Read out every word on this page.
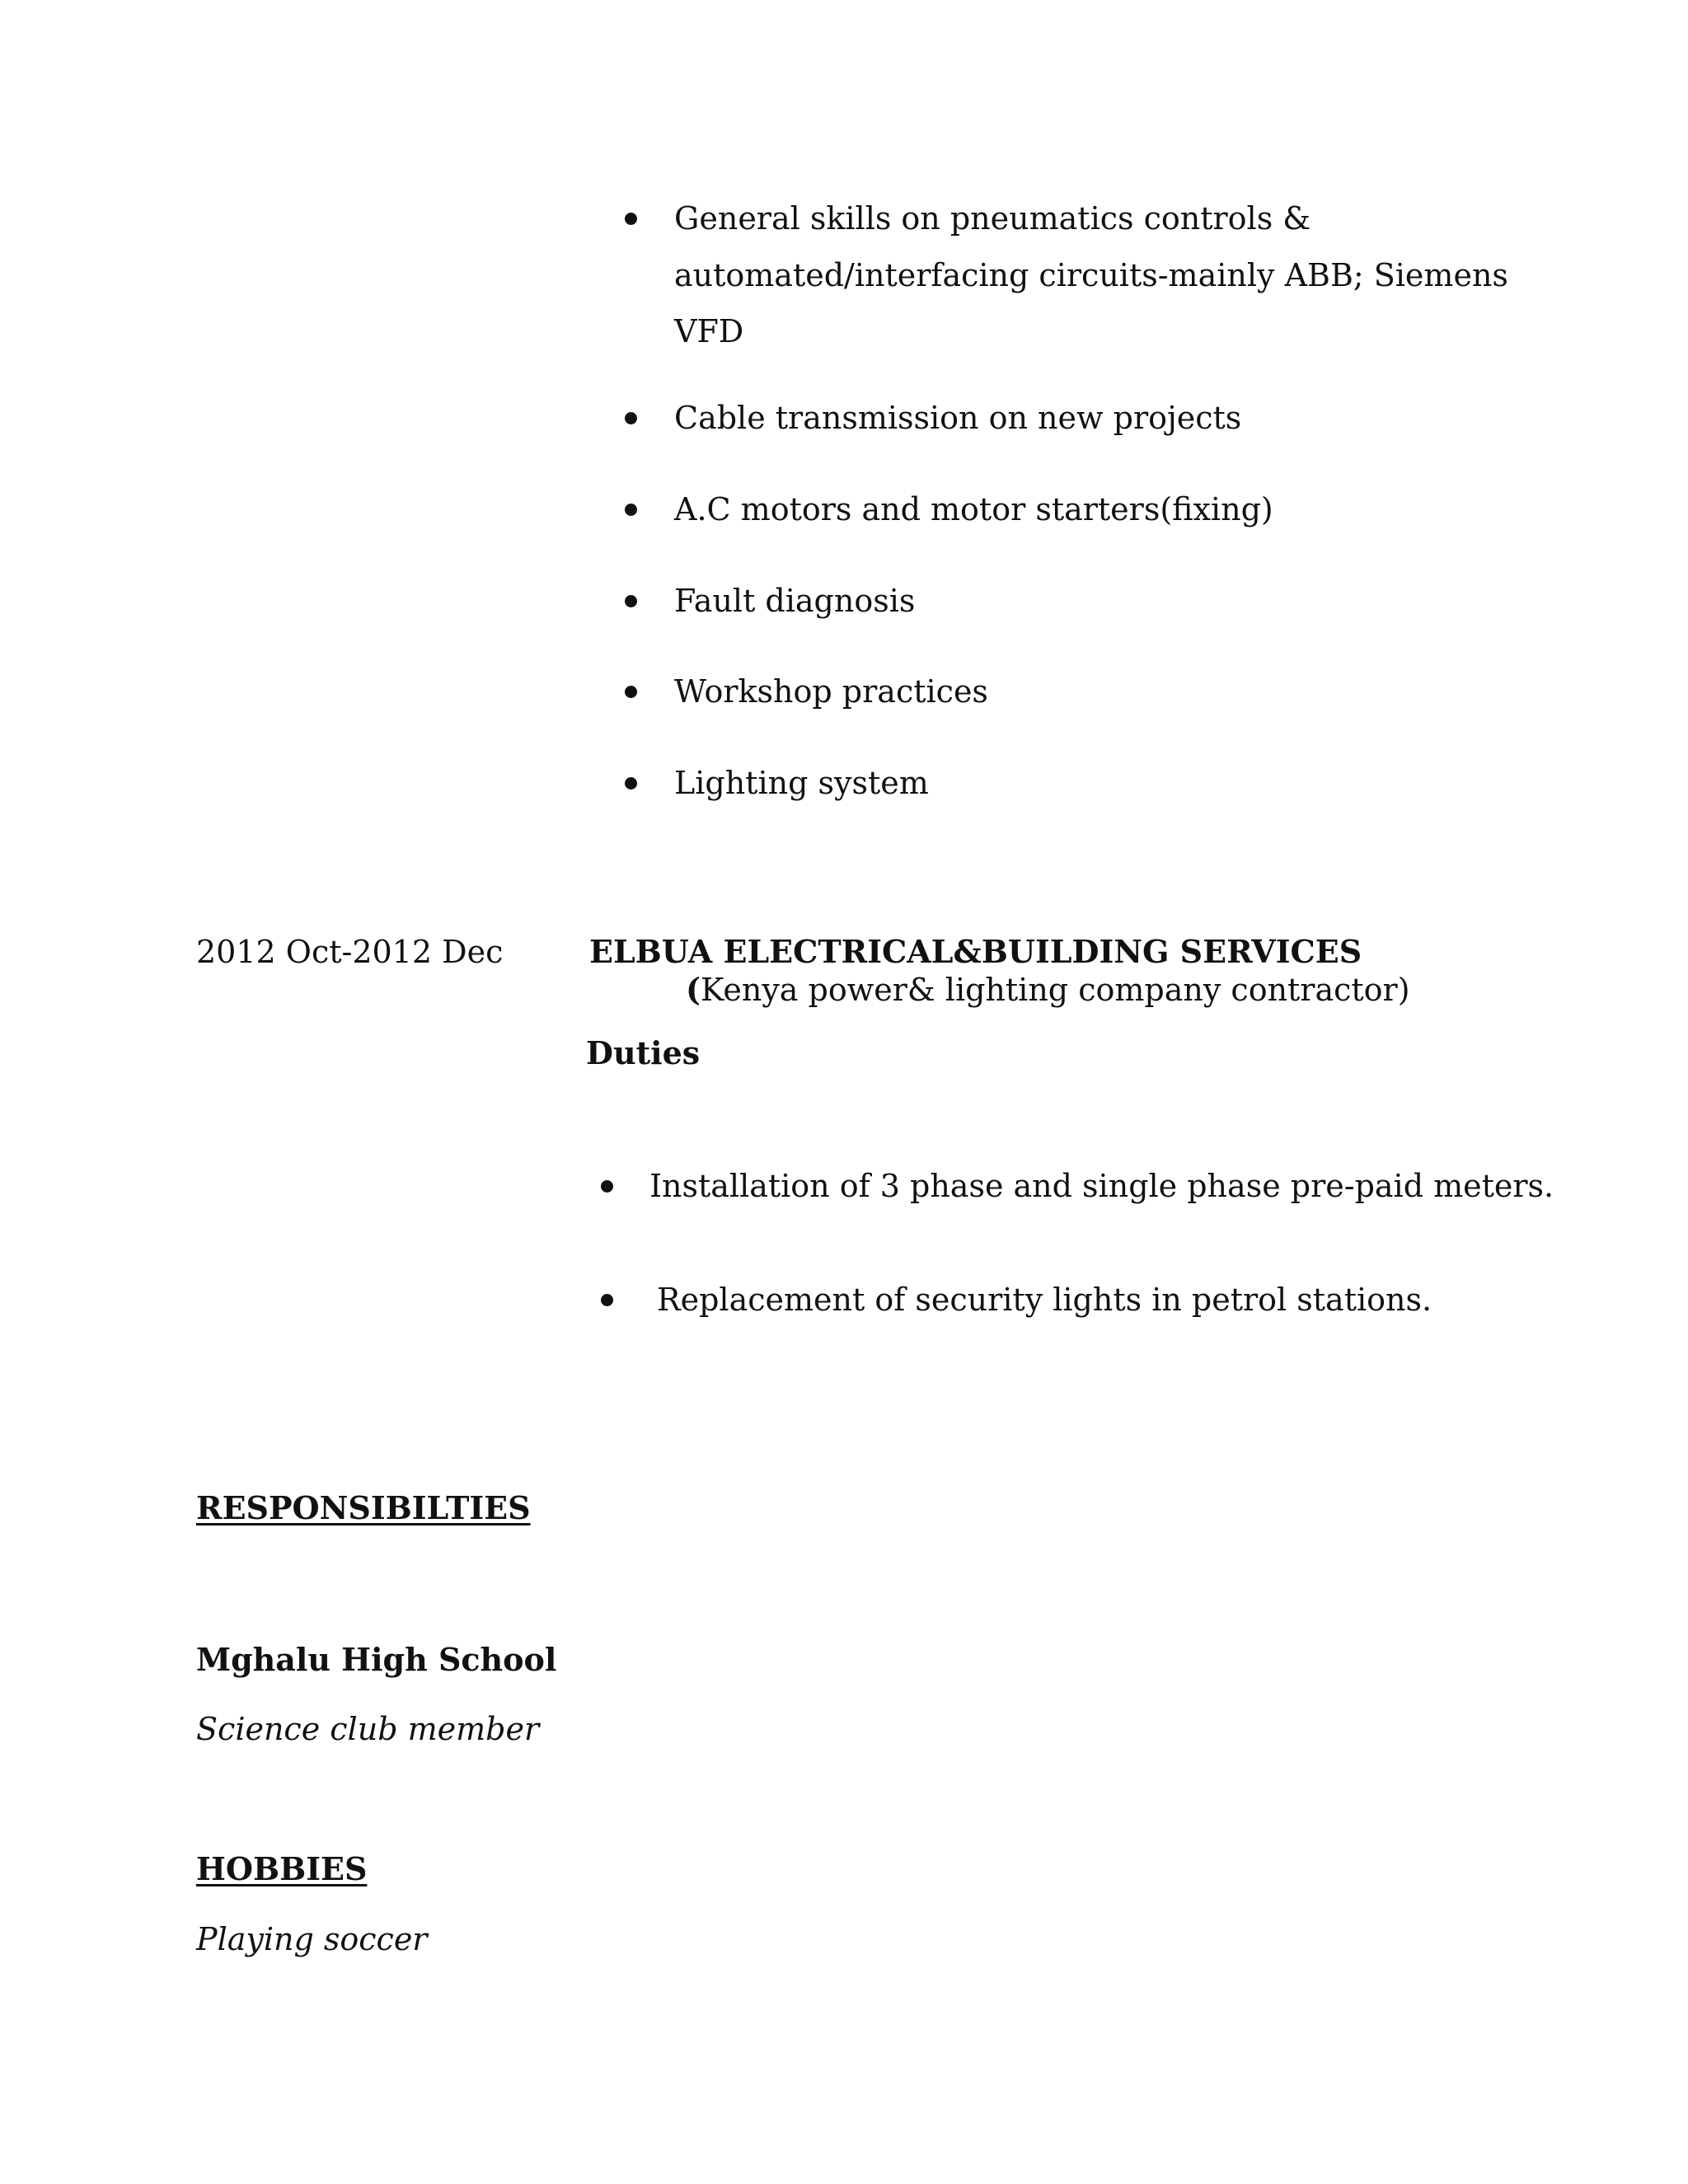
General skills on pneumatics controls &
automated/interfacing circuits-mainly ABB; Siemens
VFD
Cable transmission on new projects
A.C motors and motor starters(fixing)
Fault diagnosis
Workshop practices
Lighting system
2012 Oct-2012 Dec	ELBUA ELECTRICAL&BUILDING SERVICES
(Kenya power& lighting company contractor)
Duties
Installation of 3 phase and single phase pre-paid meters.
Replacement of security lights in petrol stations.
RESPONSIBILTIES
Mghalu High School
Science club member
HOBBIES
Playing soccer
